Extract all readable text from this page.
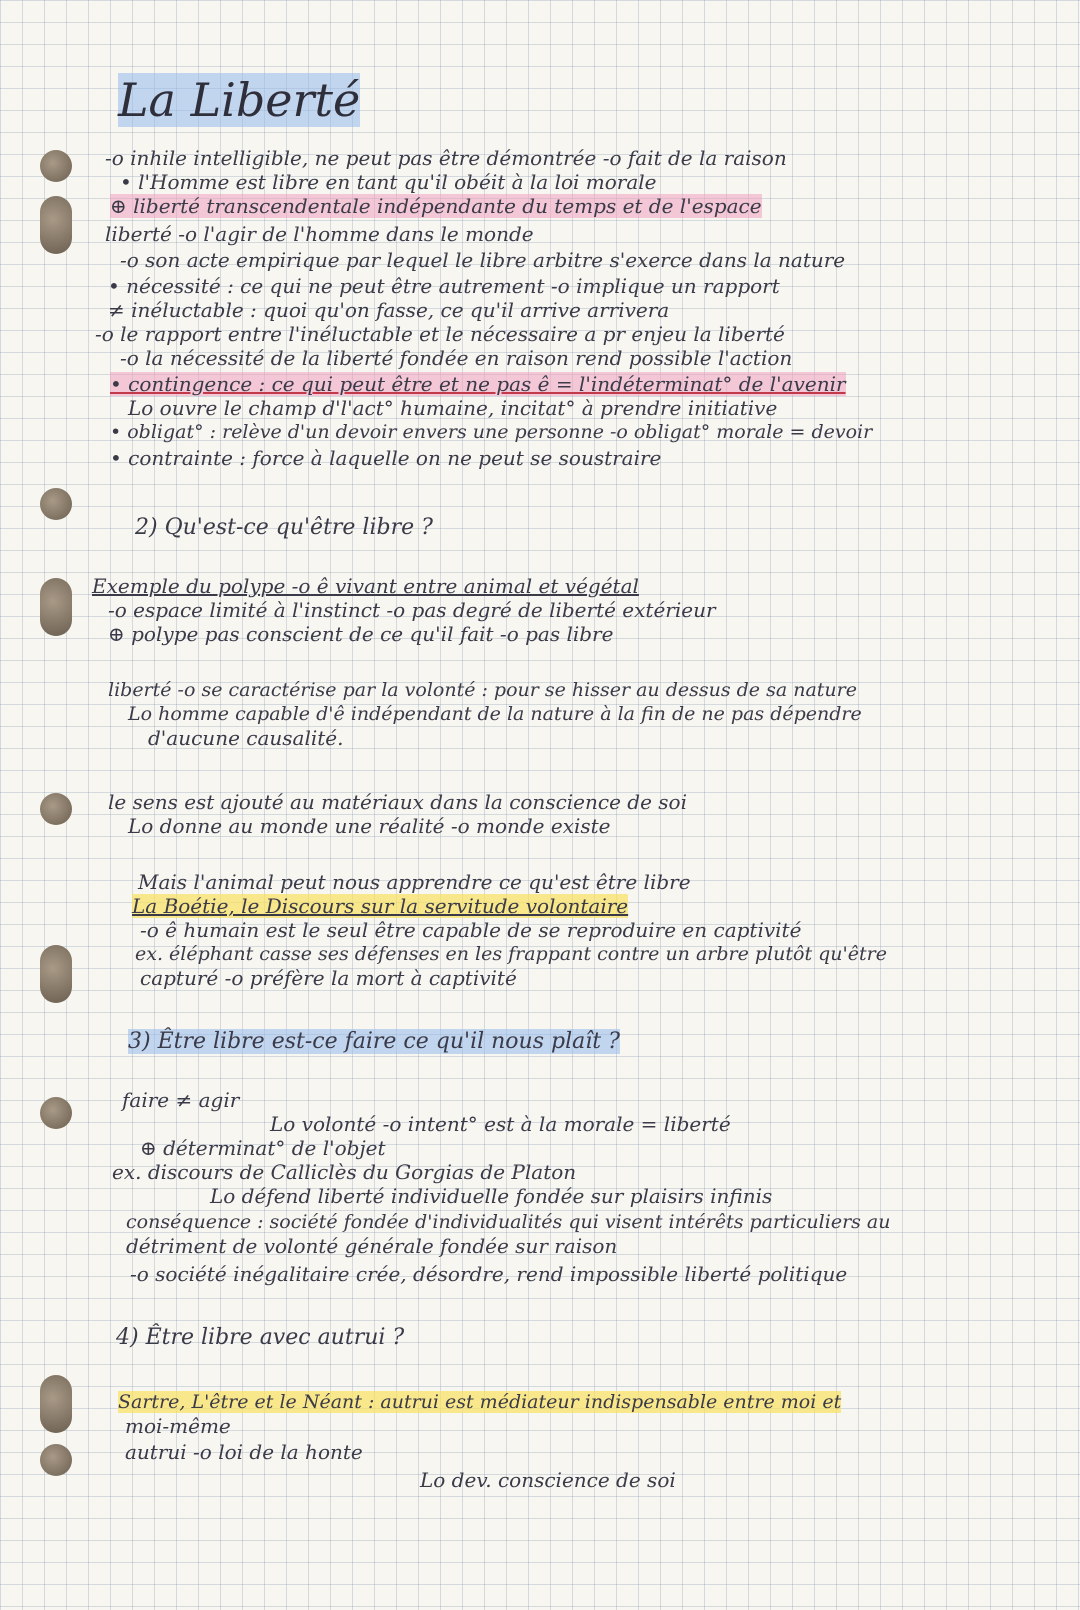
La Liberté
-o inhile intelligible, ne peut pas être démontrée -o fait de la raison
• l'Homme est libre en tant qu'il obéit à la loi morale
⊕ liberté transcendentale indépendante du temps et de l'espace
liberté -o l'agir de l'homme dans le monde
-o son acte empirique par lequel le libre arbitre s'exerce dans la nature
• nécessité : ce qui ne peut être autrement -o implique un rapport
≠ inéluctable : quoi qu'on fasse, ce qu'il arrive arrivera
-o le rapport entre l'inéluctable et le nécessaire a pr enjeu la liberté
-o la nécessité de la liberté fondée en raison rend possible l'action
• contingence : ce qui peut être et ne pas ê = l'indéterminat° de l'avenir
Lo ouvre le champ d'l'act° humaine, incitat° à prendre initiative
• obligat° : relève d'un devoir envers une personne -o obligat° morale = devoir
• contrainte : force à laquelle on ne peut se soustraire
2) Qu'est-ce qu'être libre ?
Exemple du polype -o ê vivant entre animal et végétal
-o espace limité à l'instinct -o pas degré de liberté extérieur
⊕ polype pas conscient de ce qu'il fait -o pas libre
liberté -o se caractérise par la volonté : pour se hisser au dessus de sa nature
Lo homme capable d'ê indépendant de la nature à la fin de ne pas dépendre
d'aucune causalité.
le sens est ajouté au matériaux dans la conscience de soi
Lo donne au monde une réalité -o monde existe
Mais l'animal peut nous apprendre ce qu'est être libre
La Boétie, le Discours sur la servitude volontaire
-o ê humain est le seul être capable de se reproduire en captivité
ex. éléphant casse ses défenses en les frappant contre un arbre plutôt qu'être
capturé -o préfère la mort à captivité
3) Être libre est-ce faire ce qu'il nous plaît ?
faire ≠ agir
Lo volonté -o intent° est à la morale = liberté
⊕ déterminat° de l'objet
ex. discours de Calliclès du Gorgias de Platon
Lo défend liberté individuelle fondée sur plaisirs infinis
conséquence : société fondée d'individualités qui visent intérêts particuliers au
détriment de volonté générale fondée sur raison
-o société inégalitaire crée, désordre, rend impossible liberté politique
4) Être libre avec autrui ?
Sartre, L'être et le Néant : autrui est médiateur indispensable entre moi et
moi-même
autrui -o loi de la honte
Lo dev. conscience de soi
